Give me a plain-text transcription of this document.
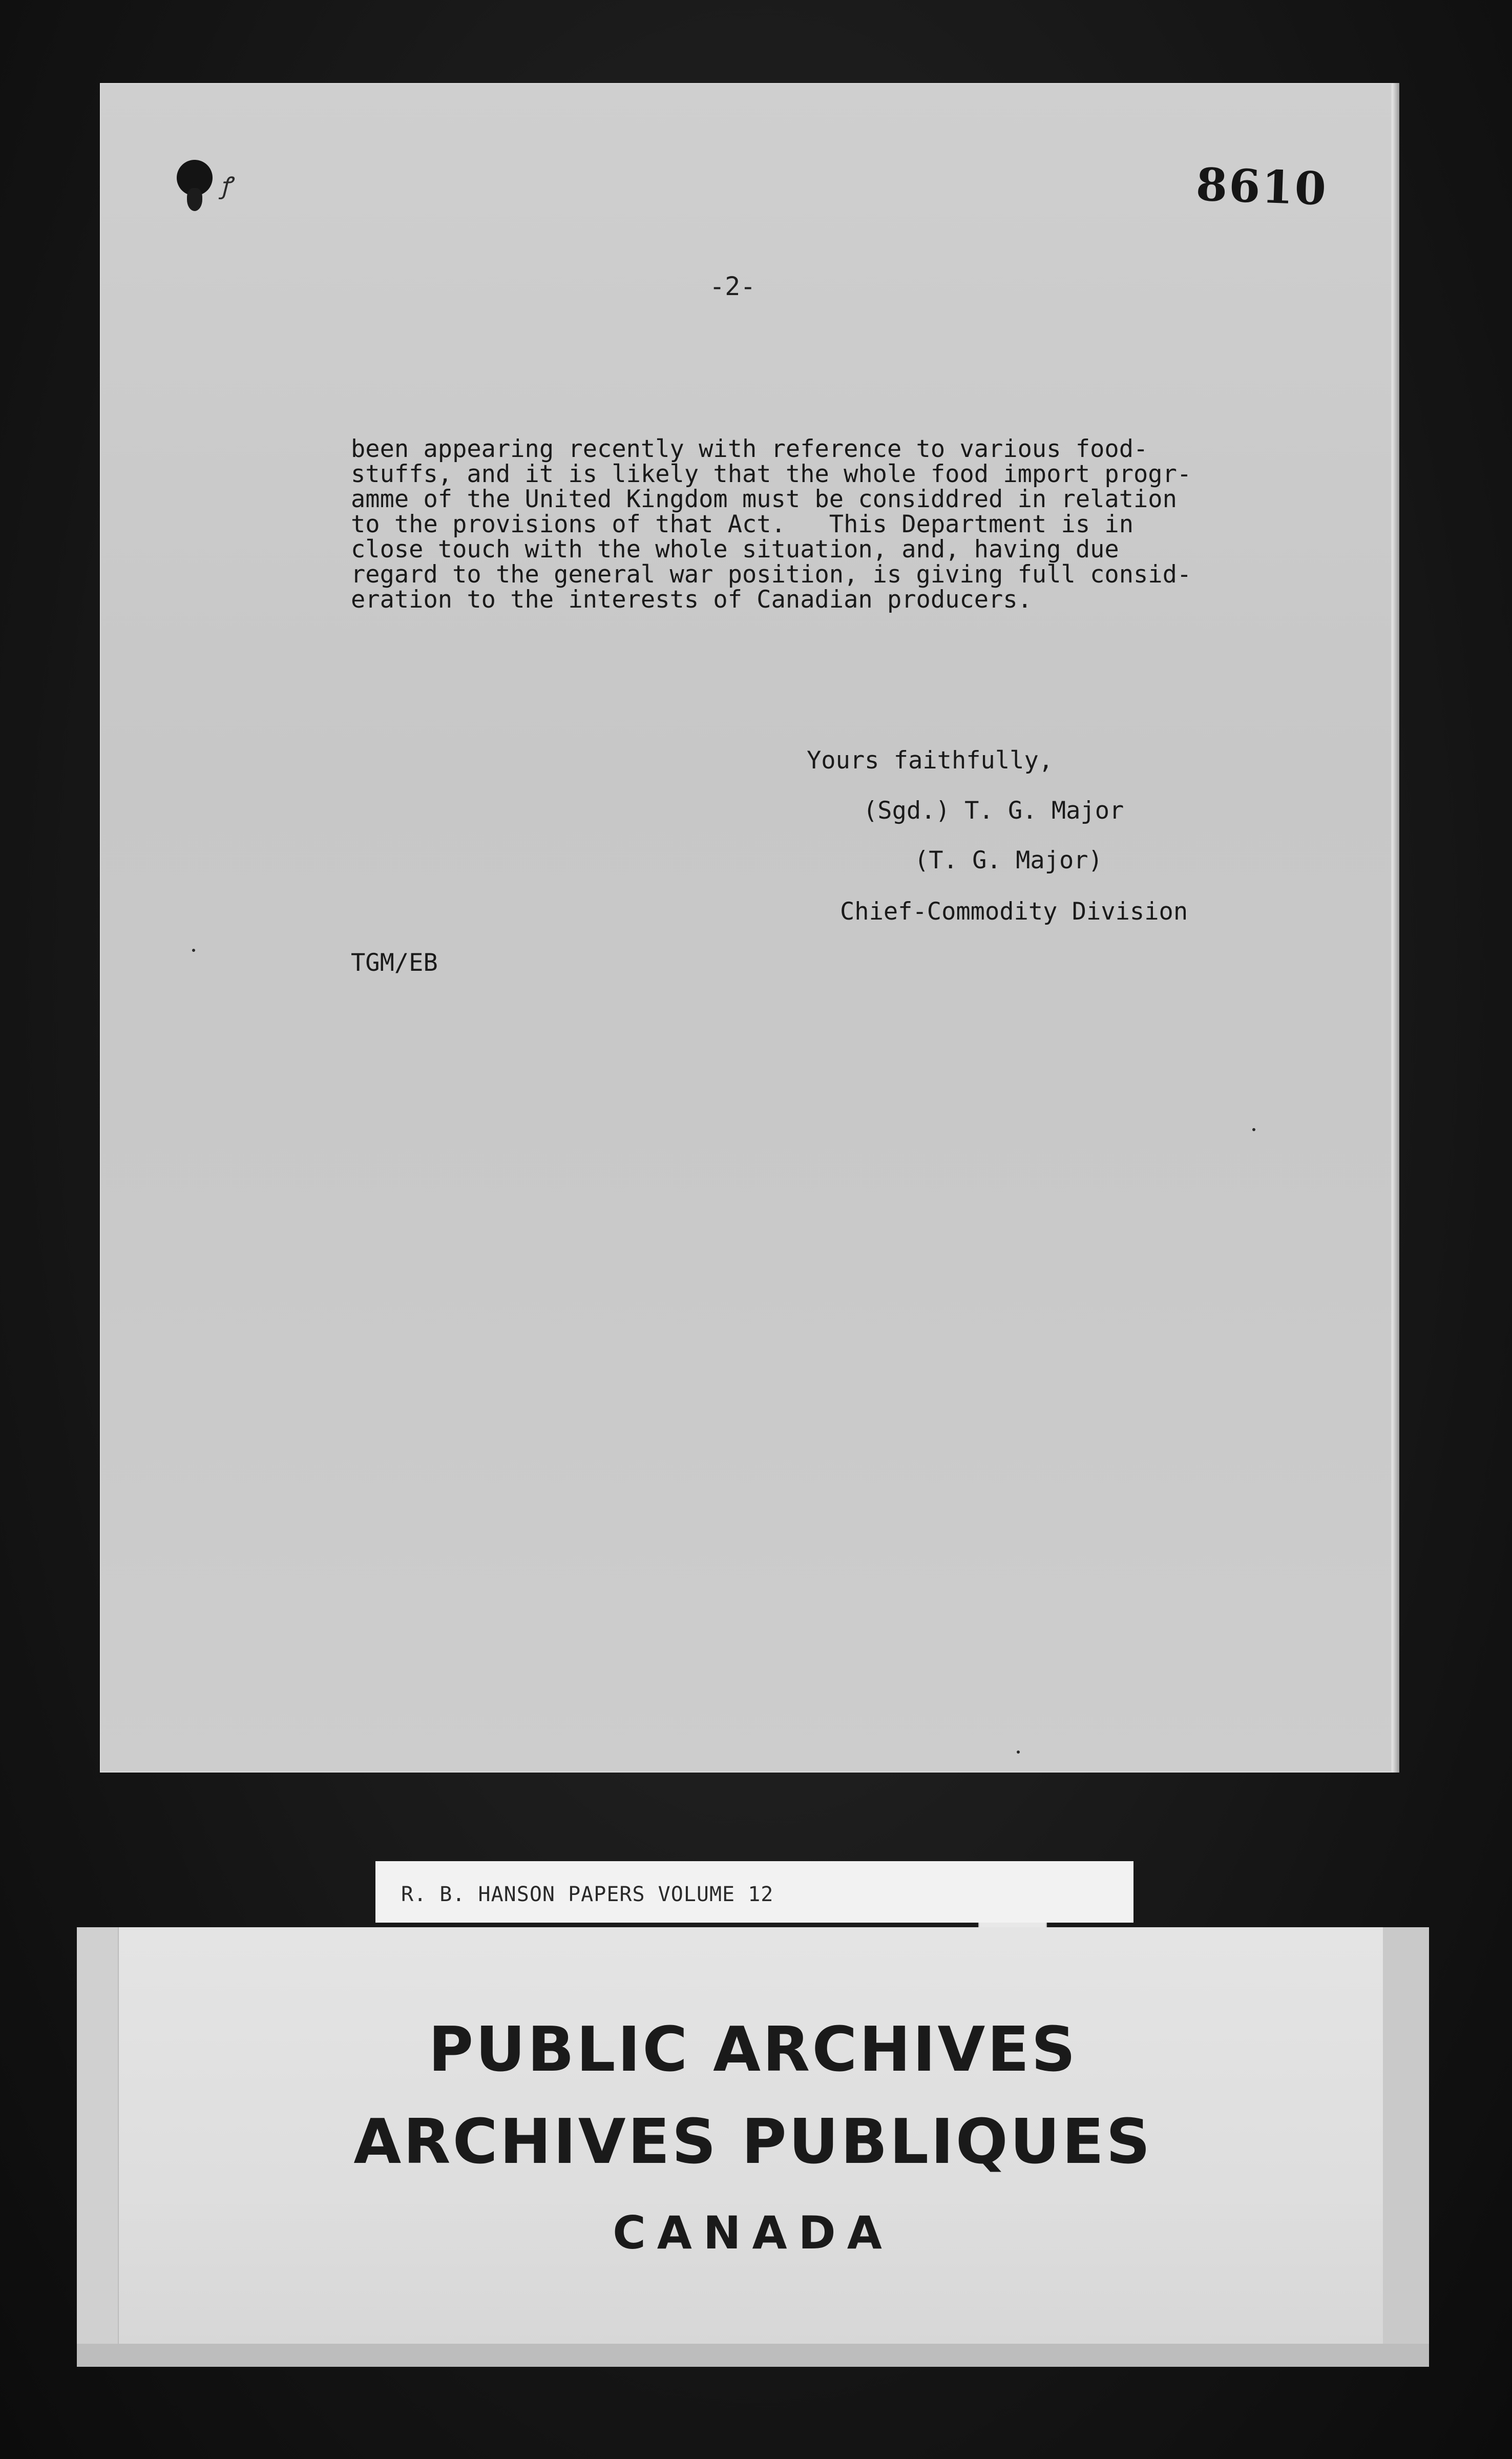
ꝭ	8610
-2-
been appearing recently with reference to various food-
stuffs, and it is likely that the whole food import progr-
amme of the United Kingdom must be considdred in relation
to the provisions of that Act.   This Department is in
close touch with the whole situation, and, having due
regard to the general war position, is giving full consid-
eration to the interests of Canadian producers.
Yours faithfully,
(Sgd.) T. G. Major
(T. G. Major)
Chief-Commodity Division
TGM/EB
R. B. HANSON PAPERS VOLUME 12
PUBLIC ARCHIVES
ARCHIVES PUBLIQUES
CANADA
